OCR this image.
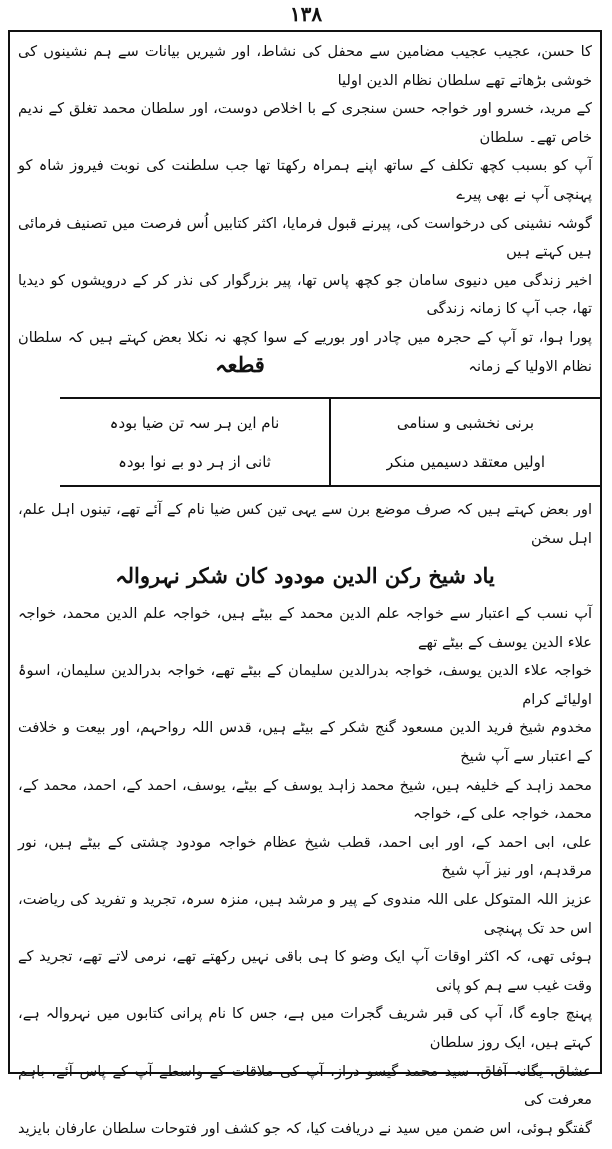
۱۳۸

کا حسن، عجیب عجیب مضامین سے محفل کی نشاط، اور شیریں بیانات سے ہم نشینوں کی خوشی بڑھاتے تھے سلطان نظام الدین اولیا

کے مرید، خسرو اور خواجہ حسن سنجری کے با اخلاص دوست، اور سلطان محمد تغلق کے ندیم خاص تھے۔ سلطان

آپ کو بسبب کچھ تکلف کے ساتھ اپنے ہمراہ رکھتا تھا جب سلطنت کی نوبت فیروز شاہ کو پہنچی آپ نے بھی پیرے

گوشہ نشینی کی درخواست کی، پیرنے قبول فرمایا، اکثر کتابیں اُس فرصت میں تصنیف فرمائی ہیں کہتے ہیں

اخیر زندگی میں دنیوی سامان جو کچھ پاس تھا، پیر بزرگوار کی نذر کر کے درویشوں کو دیدیا تھا، جب آپ کا زمانہ زندگی

پورا ہوا، تو آپ کے حجرہ میں چادر اور بوریے کے سوا کچھ نہ نکلا بعض کہتے ہیں کہ سلطان نظام الاولیا کے زمانہ

اور بعض کہتے ہیں کہ صرف موضع برن سے یہی تین کس ضیا نام کے آئے تھے، تینوں اہل علم، اہل سخن

یاد شیخ رکن الدین مودود کان شکر نہروالہ

آپ نسب کے اعتبار سے خواجہ علم الدین محمد کے بیٹے ہیں، خواجہ علم الدین محمد، خواجہ علاء الدین یوسف کے بیٹے تھے

خواجہ علاء الدین یوسف، خواجہ بدرالدین سلیمان کے بیٹے تھے، خواجہ بدرالدین سلیمان، اسوۂ اولیائے کرام

مخدوم شیخ فرید الدین مسعود گنج شکر کے بیٹے ہیں، قدس اللہ رواحہم، اور بیعت و خلافت کے اعتبار سے آپ شیخ

محمد زاہد کے خلیفہ ہیں، شیخ محمد زاہد یوسف کے بیٹے، یوسف، احمد کے، احمد، محمد کے، محمد، خواجہ علی کے، خواجہ

علی، ابی احمد کے، اور ابی احمد، قطب شیخ عظام خواجہ مودود چشتی کے بیٹے ہیں، نور مرقدہم، اور نیز آپ شیخ

عزیز اللہ المتوکل علی اللہ مندوی کے پیر و مرشد ہیں، منزہ سرہ، تجرید و تفرید کی ریاضت، اس حد تک پہنچی

ہوئی تھی، کہ اکثر اوقات آپ ایک وضو کا ہی باقی نہیں رکھتے تھے، نرمی لاتے تھے، تجرید کے وقت غیب سے ہم کو پانی

پہنچ جاوے گا، آپ کی قبر شریف گجرات میں ہے، جس کا نام پرانی کتابوں میں نہروالہ ہے، کہتے ہیں، ایک روز سلطان

عشاق، یگانہ آفاق، سید محمد گیسو دراز، آپ کی ملاقات کے واسطے آپ کے پاس آئے، باہم معرفت کی

گفتگو ہوئی، اس ضمن میں سید نے دریافت کیا، کہ جو کشف اور فتوحات سلطان عارفان بایزید

قطعہ
برنی نخشبی و سنامی
اولیں معتقد دسیمیں منکر
نام این ہر سہ تن ضیا بودہ
ثانی از ہر دو بے نوا بودہ
